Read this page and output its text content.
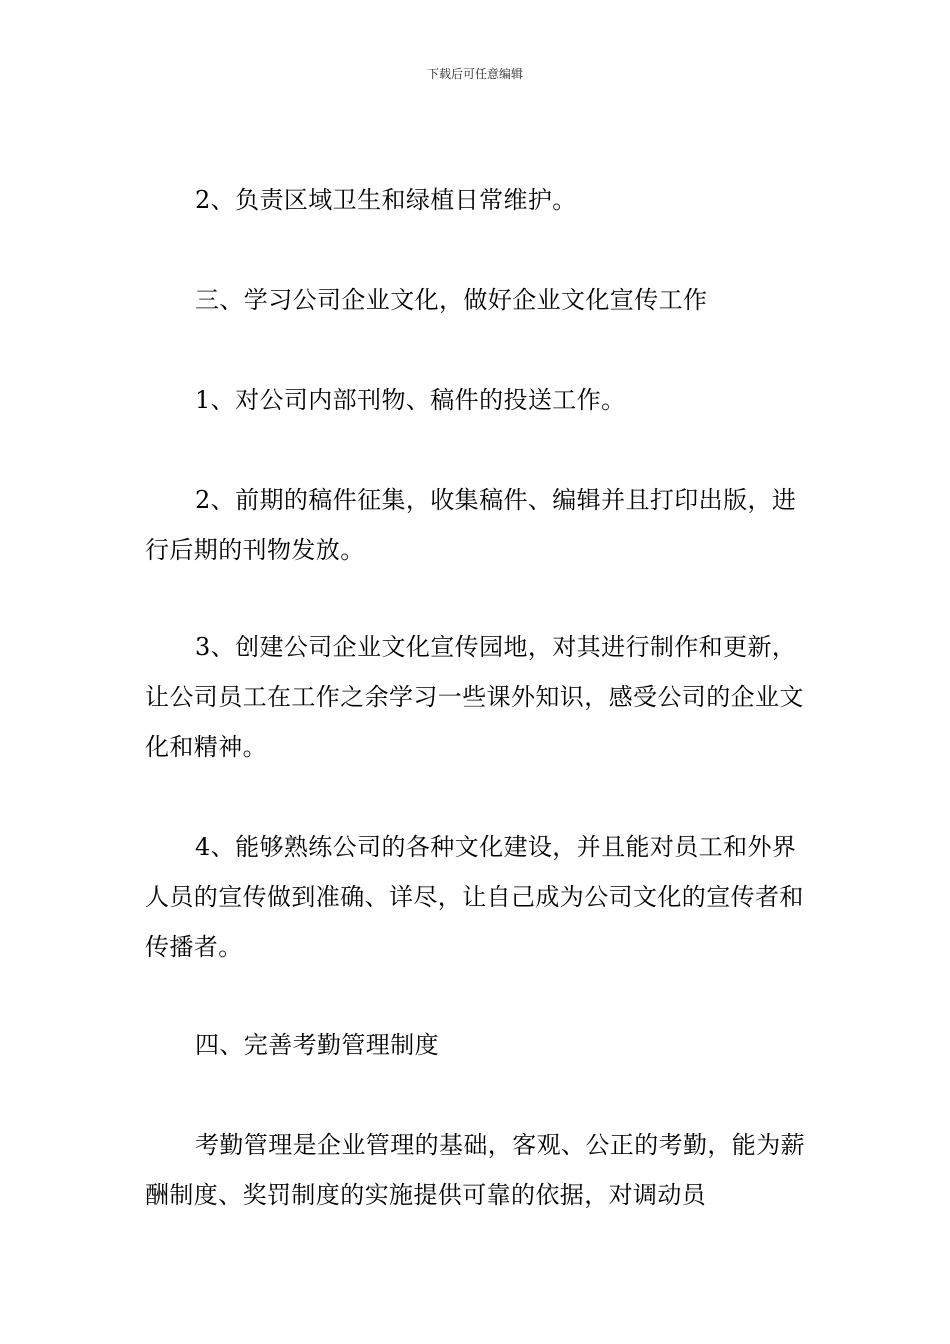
下载后可任意编辑

2、负责区域卫生和绿植日常维护。

三、学习公司企业文化，做好企业文化宣传工作

1、对公司内部刊物、稿件的投送工作。

2、前期的稿件征集，收集稿件、编辑并且打印出版，进行后期的刊物发放。

3、创建公司企业文化宣传园地，对其进行制作和更新，让公司员工在工作之余学习一些课外知识，感受公司的企业文化和精神。

4、能够熟练公司的各种文化建设，并且能对员工和外界人员的宣传做到准确、详尽，让自己成为公司文化的宣传者和传播者。

四、完善考勤管理制度

考勤管理是企业管理的基础，客观、公正的考勤，能为薪酬制度、奖罚制度的实施提供可靠的依据，对调动员
